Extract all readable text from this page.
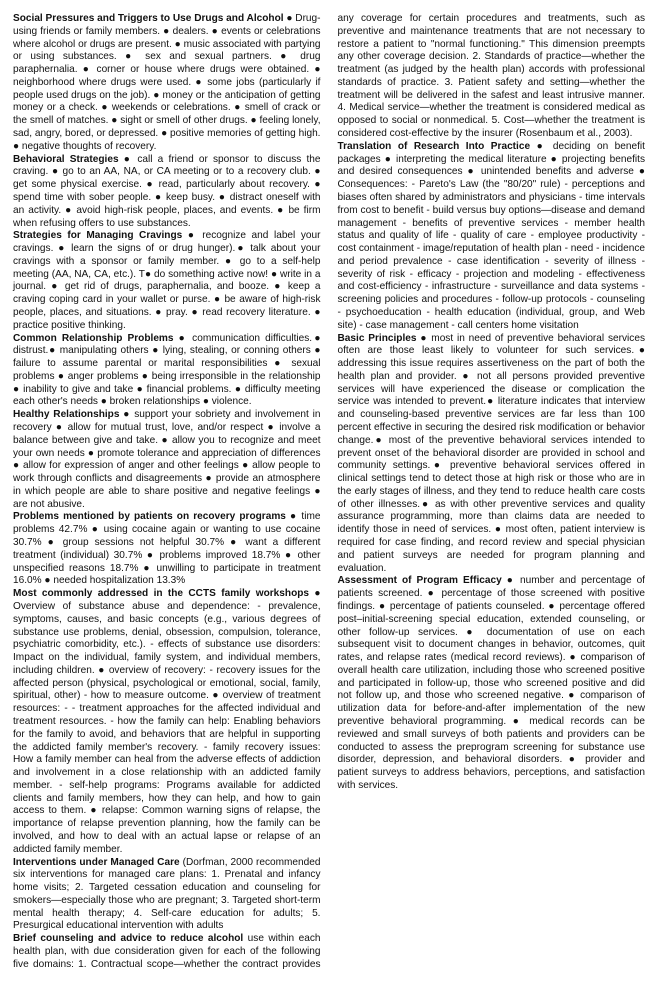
Social Pressures and Triggers to Use Drugs and Alcohol ● Drug-using friends or family members. ● dealers. ● events or celebrations where alcohol or drugs are present. ● music associated with partying or using substances. ● sex and sexual partners. ● drug paraphernalia. ● corner or house where drugs were obtained. ● neighborhood where drugs were used. ● some jobs (particularly if people used drugs on the job). ● money or the anticipation of getting money or a check. ● weekends or celebrations. ● smell of crack or the smell of matches. ● sight or smell of other drugs. ● feeling lonely, sad, angry, bored, or depressed. ● positive memories of getting high. ● negative thoughts of recovery.

Behavioral Strategies ● call a friend or sponsor to discuss the craving. ● go to an AA, NA, or CA meeting or to a recovery club. ● get some physical exercise. ● read, particularly about recovery. ● spend time with sober people. ● keep busy. ● distract oneself with an activity. ● avoid high-risk people, places, and events. ● be firm when refusing offers to use substances.

Strategies for Managing Cravings ● recognize and label your cravings. ● learn the signs of or drug hunger).● talk about your cravings with a sponsor or family member. ● go to a self-help meeting (AA, NA, CA, etc.). T● do something active now! ● write in a journal. ● get rid of drugs, paraphernalia, and booze. ● keep a craving coping card in your wallet or purse. ● be aware of high-risk people, places, and situations. ● pray. ● read recovery literature. ● practice positive thinking.

Common Relationship Problems ● communication difficulties.● distrust.● manipulating others ● lying, stealing, or conning others ● failure to assume parental or marital responsibilities ● sexual problems ● anger problems ● being irresponsible in the relationship ● inability to give and take ● financial problems. ● difficulty meeting each other's needs ● broken relationships ● violence.

Healthy Relationships ● support your sobriety and involvement in recovery ● allow for mutual trust, love, and/or respect ● involve a balance between give and take. ● allow you to recognize and meet your own needs ● promote tolerance and appreciation of differences ● allow for expression of anger and other feelings ● allow people to work through conflicts and disagreements ● provide an atmosphere in which people are able to share positive and negative feelings ● are not abusive.

Problems mentioned by patients on recovery programs ● time problems 42.7% ● using cocaine again or wanting to use cocaine 30.7% ● group sessions not helpful 30.7% ● want a different treatment (individual) 30.7% ● problems improved 18.7% ● other unspecified reasons 18.7% ● unwilling to participate in treatment 16.0% ● needed hospitalization 13.3%

Most commonly addressed in the CCTS family workshops ● Overview of substance abuse and dependence: - prevalence, symptoms, causes, and basic concepts (e.g., various degrees of substance use problems, denial, obsession, compulsion, tolerance, psychiatric comorbidity, etc.). - effects of substance use disorders: Impact on the individual, family system, and individual members, including children. ● overview of recovery: - recovery issues for the affected person (physical, psychological or emotional, social, family, spiritual, other) - how to measure outcome. ● overview of treatment resources: - - treatment approaches for the affected individual and treatment resources. - how the family can help: Enabling behaviors for the family to avoid, and behaviors that are helpful in supporting the addicted family member's recovery. - family recovery issues: How a family member can heal from the adverse effects of addiction and involvement in a close relationship with an addicted family member. - self-help programs: Programs available for addicted clients and family members, how they can help, and how to gain access to them. ● relapse: Common warning signs of relapse, the importance of relapse prevention planning, how the family can be involved, and how to deal with an actual lapse or relapse of an addicted family member.

Interventions under Managed Care (Dorfman, 2000 recommended six interventions for managed care plans: 1. Prenatal and infancy home visits; 2. Targeted cessation education and counseling for smokers—especially those who are pregnant; 3. Targeted short-term mental health therapy; 4. Self-care education for adults; 5. Presurgical educational intervention with adults

Brief counseling and advice to reduce alcohol use within each health plan, with due consideration given for each of the following five domains: 1. Contractual scope—whether the contract provides any coverage for certain procedures and treatments, such as preventive and maintenance treatments that are not necessary to restore a patient to "normal functioning." This dimension preempts any other coverage decision. 2. Standards of practice—whether the treatment (as judged by the health plan) accords with professional standards of practice. 3. Patient safety and setting—whether the treatment will be delivered in the safest and least intrusive manner. 4. Medical service—whether the treatment is considered medical as opposed to social or nonmedical. 5. Cost—whether the treatment is considered cost-effective by the insurer (Rosenbaum et al., 2003).

Translation of Research Into Practice ● deciding on benefit packages ● interpreting the medical literature ● projecting benefits and desired consequences ● unintended benefits and adverse ● Consequences: - Pareto's Law (the "80/20" rule) - perceptions and biases often shared by administrators and physicians - time intervals from cost to benefit - build versus buy options—disease and demand management - benefits of preventive services - member health status and quality of life - quality of care - employee productivity - cost containment - image/reputation of health plan - need - incidence and period prevalence - case identification - severity of illness - severity of risk - efficacy - projection and modeling - effectiveness and cost-efficiency - infrastructure - surveillance and data systems - screening policies and procedures - follow-up protocols - counseling - psychoeducation - health education (individual, group, and Web site) - case management - call centers home visitation

Basic Principles ● most in need of preventive behavioral services often are those least likely to volunteer for such services.● addressing this issue requires assertiveness on the part of both the health plan and provider. ● not all persons provided preventive services will have experienced the disease or complication the service was intended to prevent.● literature indicates that interview and counseling-based preventive services are far less than 100 percent effective in securing the desired risk modification or behavior change.● most of the preventive behavioral services intended to prevent onset of the behavioral disorder are provided in school and community settings.● preventive behavioral services offered in clinical settings tend to detect those at high risk or those who are in the early stages of illness, and they tend to reduce health care costs of other illnesses.● as with other preventive services and quality assurance programming, more than claims data are needed to identify those in need of services. ● most often, patient interview is required for case finding, and record review and special physician and patient surveys are needed for program planning and evaluation.

Assessment of Program Efficacy ● number and percentage of patients screened. ● percentage of those screened with positive findings. ● percentage of patients counseled. ● percentage offered post–initial-screening special education, extended counseling, or other follow-up services. ● documentation of use on each subsequent visit to document changes in behavior, outcomes, quit rates, and relapse rates (medical record reviews). ● comparison of overall health care utilization, including those who screened positive and participated in follow-up, those who screened positive and did not follow up, and those who screened negative. ● comparison of utilization data for before-and-after implementation of the new preventive behavioral programming. ● medical records can be reviewed and small surveys of both patients and providers can be conducted to assess the preprogram screening for substance use disorder, depression, and behavioral disorders. ● provider and patient surveys to address behaviors, perceptions, and satisfaction with services.
